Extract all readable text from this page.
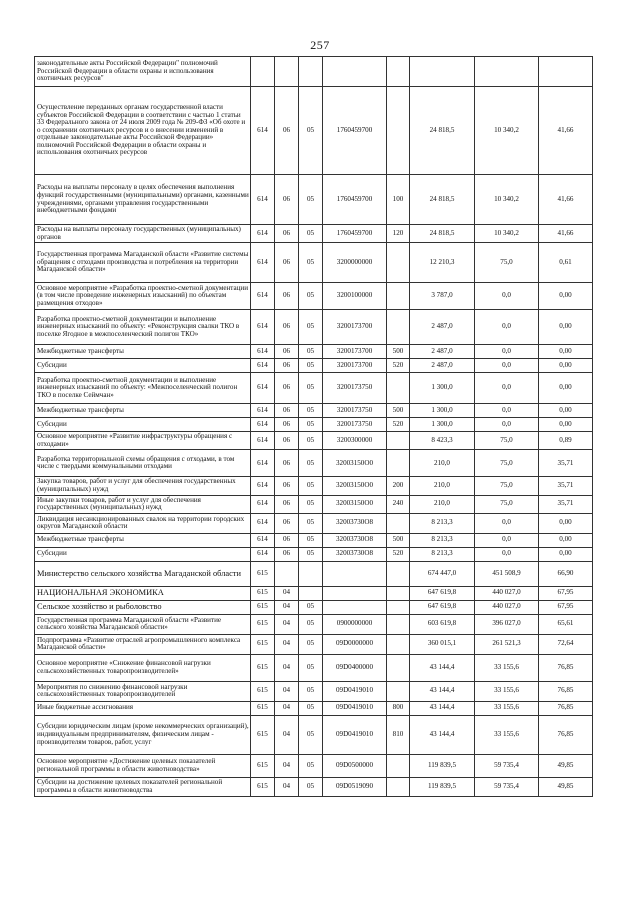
257
законодательные акты Российской Федерации" полномочий Российской Федерации в области охраны и использования охотничьих ресурсов"								
Осуществление переданных органам государственной власти субъектов Российской Федерации в соответствии с частью 1 статьи 33 Федерального закона от 24 июля 2009 года № 209-ФЗ «Об охоте и о сохранении охотничьих ресурсов и о внесении изменений в отдельные законодательные акты Российской Федерации» полномочий Российской Федерации в области охраны и использования охотничьих ресурсов	614	06	05	1760459700		24 818,5	10 340,2	41,66
Расходы на выплаты персоналу в целях обеспечения выполнения функций государственными (муниципальными) органами, казенными учреждениями, органами управления государственными внебюджетными фондами	614	06	05	1760459700	100	24 818,5	10 340,2	41,66
Расходы на выплаты персоналу государственных (муниципальных) органов	614	06	05	1760459700	120	24 818,5	10 340,2	41,66
Государственная программа Магаданской области «Развитие системы обращения с отходами производства и потребления на территории Магаданской области»	614	06	05	3200000000		12 210,3	75,0	0,61
Основное мероприятие «Разработка проектно-сметной документации (в том числе проведение инженерных изысканий) по объектам размещения отходов»	614	06	05	3200100000		3 787,0	0,0	0,00
Разработка проектно-сметной документации и выполнение инженерных изысканий по объекту: «Реконструкция свалки ТКО в поселке Ягодное в межпоселенческий полигон ТКО»	614	06	05	3200173700		2 487,0	0,0	0,00
Межбюджетные трансферты	614	06	05	3200173700	500	2 487,0	0,0	0,00
Субсидии	614	06	05	3200173700	520	2 487,0	0,0	0,00
Разработка проектно-сметной документации и выполнение инженерных изысканий по объекту: «Межпоселенческий полигон ТКО в поселке Сеймчан»	614	06	05	3200173750		1 300,0	0,0	0,00
Межбюджетные трансферты	614	06	05	3200173750	500	1 300,0	0,0	0,00
Субсидии	614	06	05	3200173750	520	1 300,0	0,0	0,00
Основное мероприятие «Развитие инфраструктуры обращения с отходами»	614	06	05	3200300000		8 423,3	75,0	0,89
Разработка территориальной схемы обращения с отходами, в том числе с твердыми коммунальными отходами	614	06	05	32003150О0		210,0	75,0	35,71
Закупка товаров, работ и услуг для обеспечения государственных (муниципальных) нужд	614	06	05	32003150О0	200	210,0	75,0	35,71
Иные закупки товаров, работ и услуг для обеспечения государственных (муниципальных) нужд	614	06	05	32003150О0	240	210,0	75,0	35,71
Ликвидация несанкционированных свалок на территории городских округов Магаданской области	614	06	05	32003730О8		8 213,3	0,0	0,00
Межбюджетные трансферты	614	06	05	32003730О8	500	8 213,3	0,0	0,00
Субсидии	614	06	05	32003730О8	520	8 213,3	0,0	0,00
Министерство сельского хозяйства Магаданской области	615					674 447,0	451 508,9	66,90
НАЦИОНАЛЬНАЯ ЭКОНОМИКА	615	04				647 619,8	440 027,0	67,95
Сельское хозяйство и рыболовство	615	04	05			647 619,8	440 027,0	67,95
Государственная программа Магаданской области «Развитие сельского хозяйства Магаданской области»	615	04	05	0900000000		603 619,8	396 027,0	65,61
Подпрограмма «Развитие отраслей агропромышленного комплекса Магаданской области»	615	04	05	09D0000000		360 015,1	261 521,3	72,64
Основное мероприятие «Снижение финансовой нагрузки сельскохозяйственных товаропроизводителей»	615	04	05	09D0400000		43 144,4	33 155,6	76,85
Мероприятия по снижению финансовой нагрузки сельскохозяйственных товаропроизводителей	615	04	05	09D0419010		43 144,4	33 155,6	76,85
Иные бюджетные ассигнования	615	04	05	09D0419010	800	43 144,4	33 155,6	76,85
Субсидии юридическим лицам (кроме некоммерческих организаций), индивидуальным предпринимателям, физическим лицам - производителям товаров, работ, услуг	615	04	05	09D0419010	810	43 144,4	33 155,6	76,85
Основное мероприятие «Достижение целевых показателей региональной программы в области животноводства»	615	04	05	09D0500000		119 839,5	59 735,4	49,85
Субсидии на достижение целевых показателей региональной программы в области животноводства	615	04	05	09D0519090		119 839,5	59 735,4	49,85
